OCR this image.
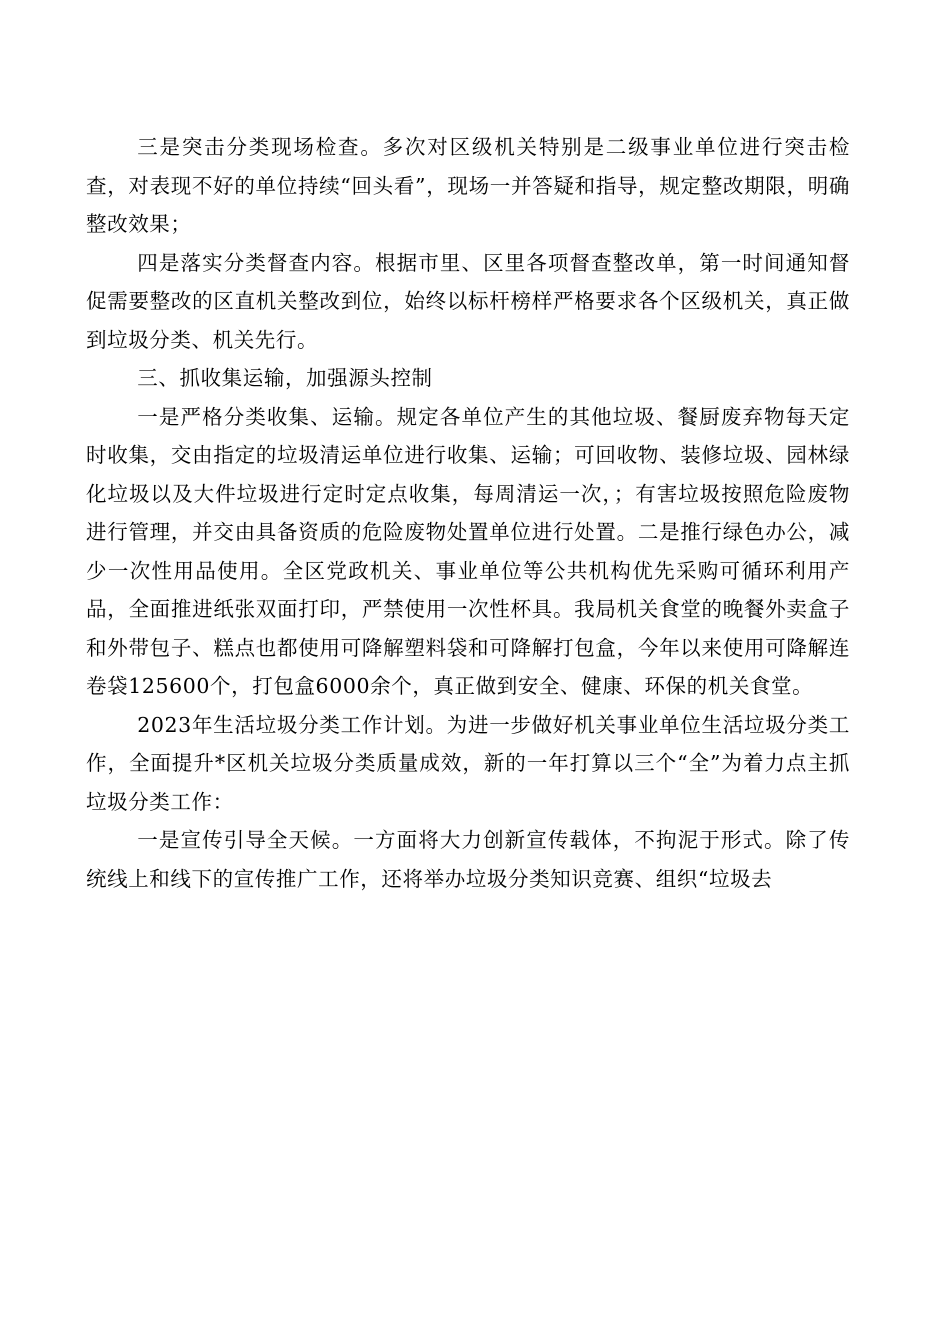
三是突击分类现场检查。多次对区级机关特别是二级事业单位进行突击检查，对表现不好的单位持续“回头看”，现场一并答疑和指导，规定整改期限，明确整改效果；

四是落实分类督查内容。根据市里、区里各项督查整改单，第一时间通知督促需要整改的区直机关整改到位，始终以标杆榜样严格要求各个区级机关，真正做到垃圾分类、机关先行。

三、抓收集运输，加强源头控制

一是严格分类收集、运输。规定各单位产生的其他垃圾、餐厨废弃物每天定时收集，交由指定的垃圾清运单位进行收集、运输；可回收物、装修垃圾、园林绿化垃圾以及大件垃圾进行定时定点收集，每周清运一次，；有害垃圾按照危险废物进行管理，并交由具备资质的危险废物处置单位进行处置。二是推行绿色办公，减少一次性用品使用。全区党政机关、事业单位等公共机构优先采购可循环利用产品，全面推进纸张双面打印，严禁使用一次性杯具。我局机关食堂的晚餐外卖盒子和外带包子、糕点也都使用可降解塑料袋和可降解打包盒，今年以来使用可降解连卷袋125600个，打包盒6000余个，真正做到安全、健康、环保的机关食堂。

2023年生活垃圾分类工作计划。为进一步做好机关事业单位生活垃圾分类工作，全面提升*区机关垃圾分类质量成效，新的一年打算以三个“全”为着力点主抓垃圾分类工作：

一是宣传引导全天候。一方面将大力创新宣传载体，不拘泥于形式。除了传统线上和线下的宣传推广工作，还将举办垃圾分类知识竞赛、组织“垃圾去
